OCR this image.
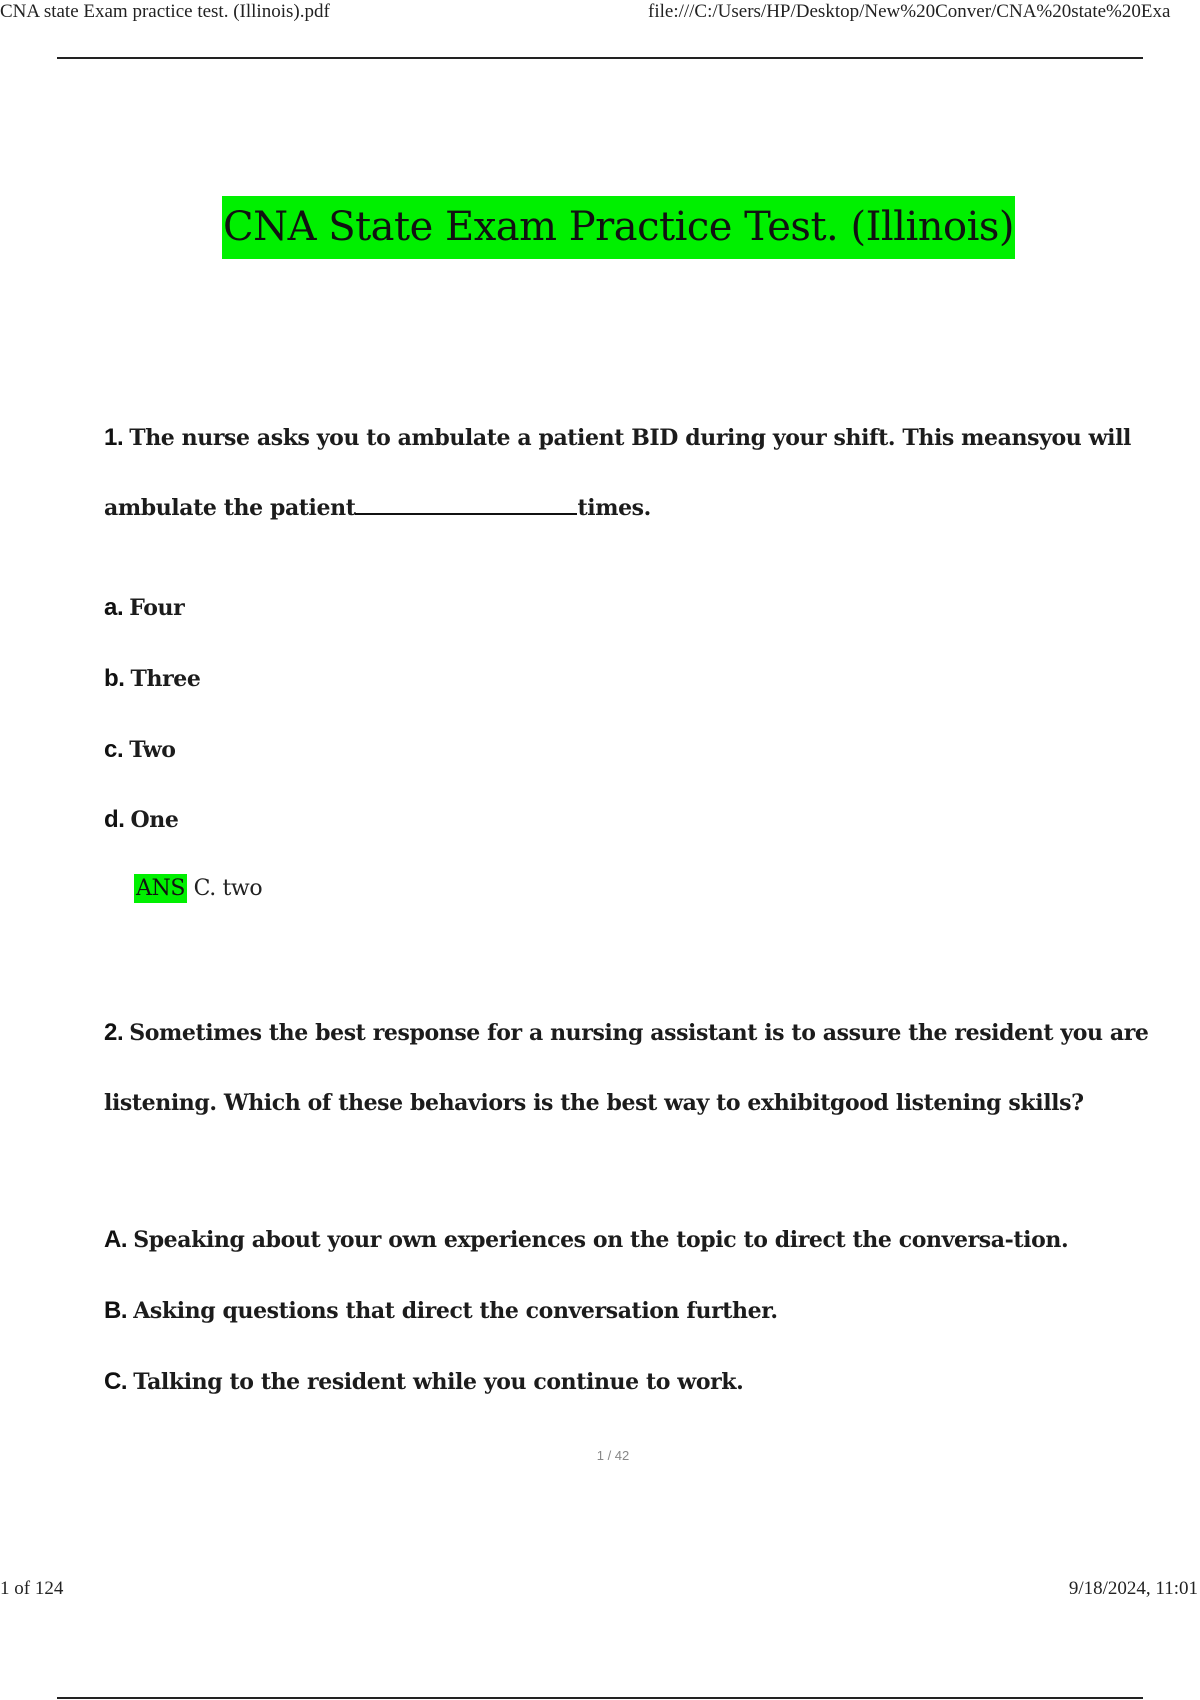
CNA state Exam practice test. (Illinois).pdf	file:///C:/Users/HP/Desktop/New%20Conver/CNA%20state%20Exa
CNA State Exam Practice Test. (Illinois)
1. The nurse asks you to ambulate a patient BID during your shift. This meansyou will
ambulate the patient	times.
a. Four
b. Three
c. Two
d. One
ANS C. two
2. Sometimes the best response for a nursing assistant is to assure the resident you are
listening. Which of these behaviors is the best way to exhibitgood listening skills?
A. Speaking about your own experiences on the topic to direct the conversa-tion.
B. Asking questions that direct the conversation further.
C. Talking to the resident while you continue to work.
1 / 42
1 of 124	9/18/2024, 11:01
